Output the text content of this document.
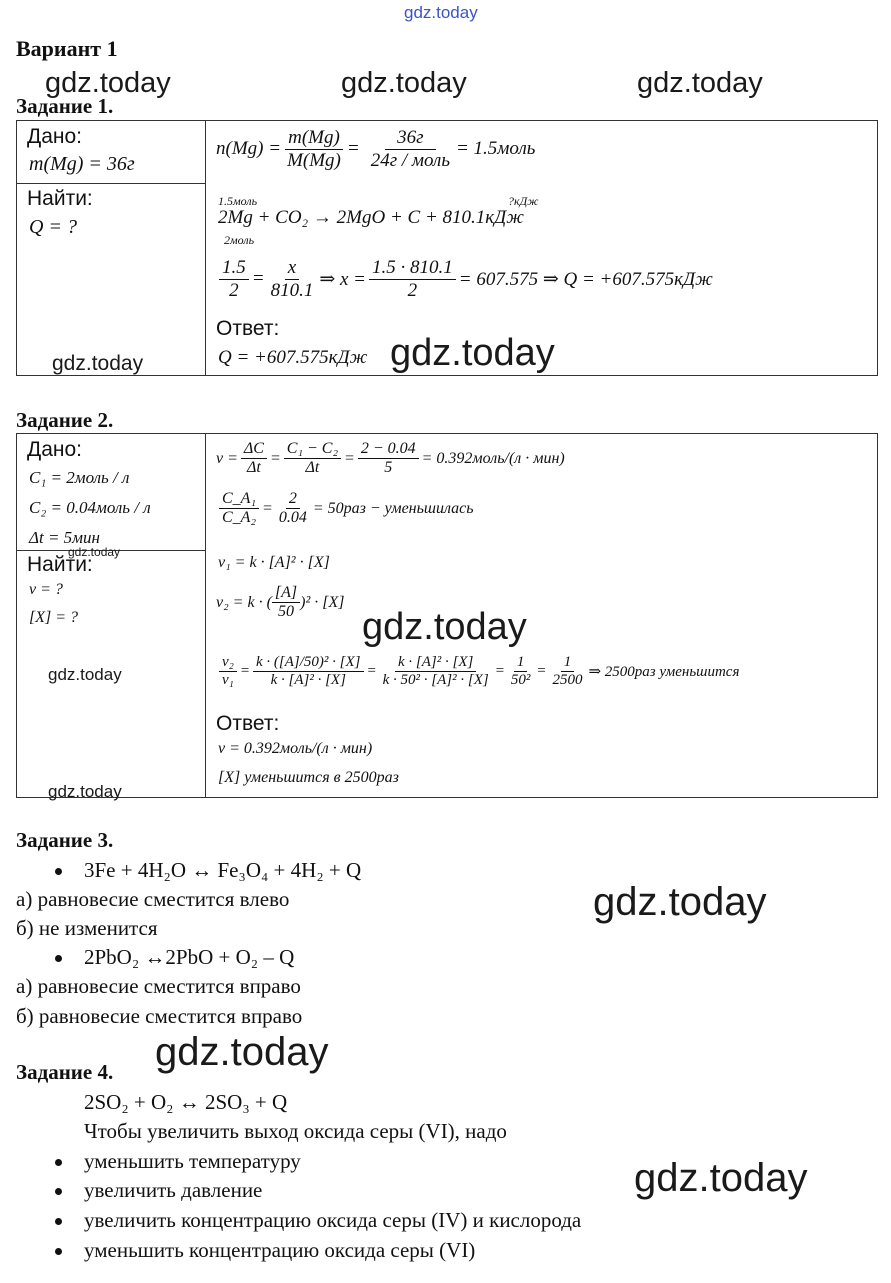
gdz.today
Вариант 1
gdz.today	gdz.today	gdz.today
Задание 1.
Дано:
m(Mg) = 36г

$n(Mg) = \frac{m(Mg)}{M(Mg)} = \frac{36г}{\text{24г / моль}}$ = 1.5моль
1.5моль	?кДж
2Mg + CO₂ → 2MgO + C + 810.1кДж
2моль
$\frac{1.5}{2} = \frac{x}{810.1}$ ⇒ $x = \frac{1.5 \cdot 810.1}{2} = 607.575$ ⇒ Q = +607.575кДж
Ответ:
Q = +607.575кДж

Найти:
Q = ?
gdz.today	gdz.today
Задание 2.
Дано:
C₁ = 2моль / л
C₂ = 0.04моль / л
Δt = 5мин

$v = \frac{\Delta C}{\Delta t} = \frac{\text{C₁ − C₂}}{\Delta t} = \frac{2 - 0.04}{5}$ = 0.392моль/(л · мин)
$\frac{\text{C\_A₁}}{\text{C\_A₂}} = \frac{2}{0.04} = 50раз$ − уменьшилась
v₁ = k · [A]² · [X]
v₂ = k · ( $\frac{[A]}{50} )^2 \cdot [X]$
$\frac{\text{v₂}}{\text{v₁}} = \frac{\text{k · ([A]/50)² · [X]}}{\text{k · [A]² · [X]}} = \frac{\text{k · [A]² · [X]}}{\text{k · 50² · [A]² · [X]}} = \frac{1}{\text{50²}} = \frac{1}{2500}$ ⇒ 2500раз уменьшится
Ответ:
v = 0.392моль/(л · мин)
[X] уменьшится в 2500раз

Найти:
v = ?
[X] = ?
gdz.today
gdz.today
gdz.today
gdz.today
Задание 3.
3Fe + 4H₂O ↔ Fe₃O₄ + 4H₂ + Q
а) равновесие сместится влево
б) не изменится
2PbO₂ ↔2PbO + O₂ – Q
а) равновесие сместится вправо
б) равновесие сместится вправо
gdz.today
Задание 4. gdz.today
2SO₂ + O₂ ↔ 2SO₃ + Q
Чтобы увеличить выход оксида серы (VI), надо
уменьшить температуру
увеличить давление
увеличить концентрацию оксида серы (IV) и кислорода
уменьшить концентрацию оксида серы (VI)
gdz.today
